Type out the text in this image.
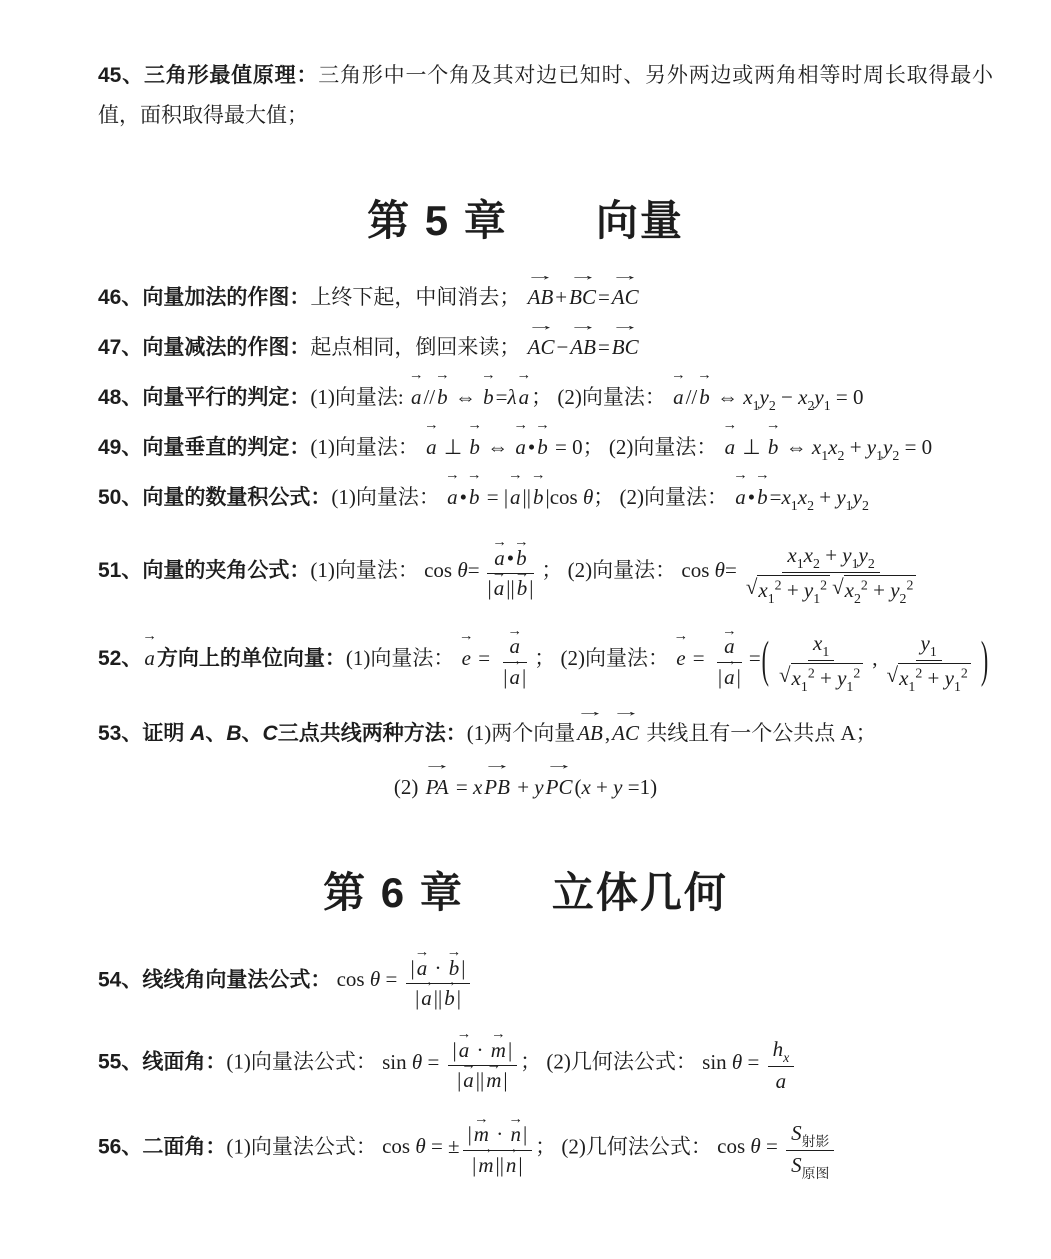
45、三角形最值原理：三角形中一个角及其对边已知时、另外两边或两角相等时周长取得最小值，面积取得最大值；
第 5 章　　向量
46、向量加法的作图：上终下起，中间消去；
→
AB+
→
BC=
→
AC
47、向量减法的作图：起点相同，倒回来读；
→
AC−
→
AB=
→
BC
48、向量平行的判定：(1)向量法:
→
a//
→
b ⇔
→
b=λ
→
a； (2)向量法：
→
a//
→
b ⇔ $x_1y_2 - x_2y_1 = 0$
49、向量垂直的判定：(1)向量法：
→
a ⊥
→
b ⇔
→
a•
→
b = 0； (2)向量法：
→
a ⊥
→
b ⇔ $x_1x_2 + y_1y_2 = 0$
50、向量的数量积公式：(1)向量法：
→
a•
→
b = |
→
a||
→
b|cos θ； (2)向量法：
→
a•
→
$b=x_1x_2 + y_1y_2$
51、向量的夹角公式：(1)向量法： cos θ= →
a•
→
b
|
→
a||
→
b| ； (2)向量法： $\cos \theta= \frac{x_1x_2 + y_1y_2}{√ x_1^2 + y_1^2 √ x_2^2 + y_2^2}$
52、
→
a方向上的单位向量：(1)向量法：
→
e = →
a
|
→
a| ； (2)向量法：
→
e = →
a
|
→
a| =( $\frac{x_1}{√ x_1^2 + y_1^2}$ , $\frac{y_1}{√ x_1^2 + y_1^2}$ )
53、证明 A、B、C三点共线两种方法：(1)两个向量
→
AB,
→
AC 共线且有一个公共点 A；
(2)
→
PA = x
→
PB + y
→
PC(x + y =1)
第 6 章　　立体几何
54、线线角向量法公式： cos θ = |
→
a ·
→
b|
|
→
a||
→
b|
55、线面角：(1)向量法公式： sin θ = |
→
a ·
→
m|
|
→
a||
→
m| ； (2)几何法公式： $\sin \theta = \frac{h_x}{a}$
56、二面角：(1)向量法公式： cos θ = ± |
→
m ·
→
n|
|
→
m||
→
n| ； (2)几何法公式： cos θ =
$S_{射影}$
$S_{原图}$
